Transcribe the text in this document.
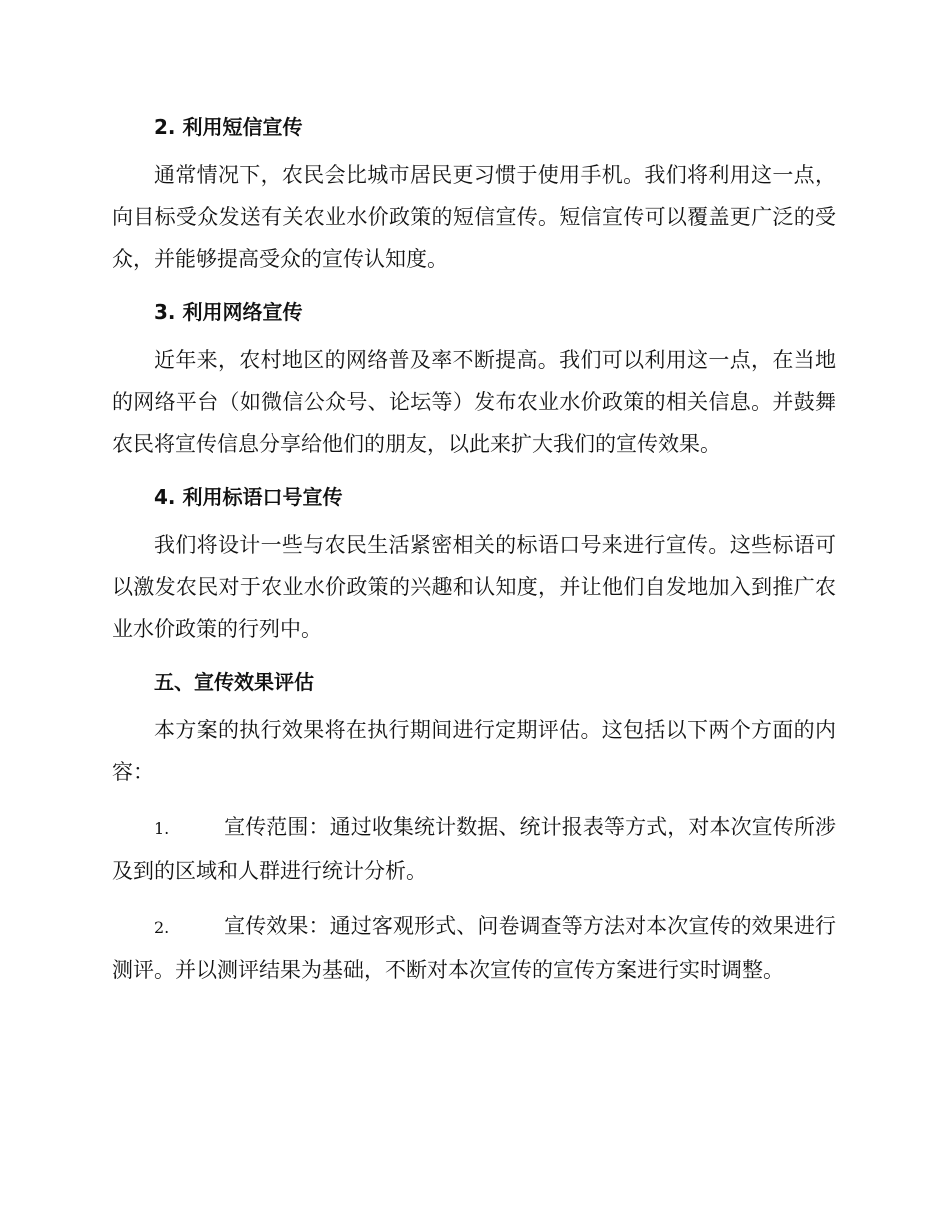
2. 利用短信宣传
通常情况下，农民会比城市居民更习惯于使用手机。我们将利用这一点，向目标受众发送有关农业水价政策的短信宣传。短信宣传可以覆盖更广泛的受众，并能够提高受众的宣传认知度。
3. 利用网络宣传
近年来，农村地区的网络普及率不断提高。我们可以利用这一点，在当地的网络平台（如微信公众号、论坛等）发布农业水价政策的相关信息。并鼓舞农民将宣传信息分享给他们的朋友，以此来扩大我们的宣传效果。
4. 利用标语口号宣传
我们将设计一些与农民生活紧密相关的标语口号来进行宣传。这些标语可以激发农民对于农业水价政策的兴趣和认知度，并让他们自发地加入到推广农业水价政策的行列中。
五、宣传效果评估
本方案的执行效果将在执行期间进行定期评估。这包括以下两个方面的内容：
1.	宣传范围：通过收集统计数据、统计报表等方式，对本次宣传所涉及到的区域和人群进行统计分析。
2.	宣传效果：通过客观形式、问卷调查等方法对本次宣传的效果进行测评。并以测评结果为基础，不断对本次宣传的宣传方案进行实时调整。
